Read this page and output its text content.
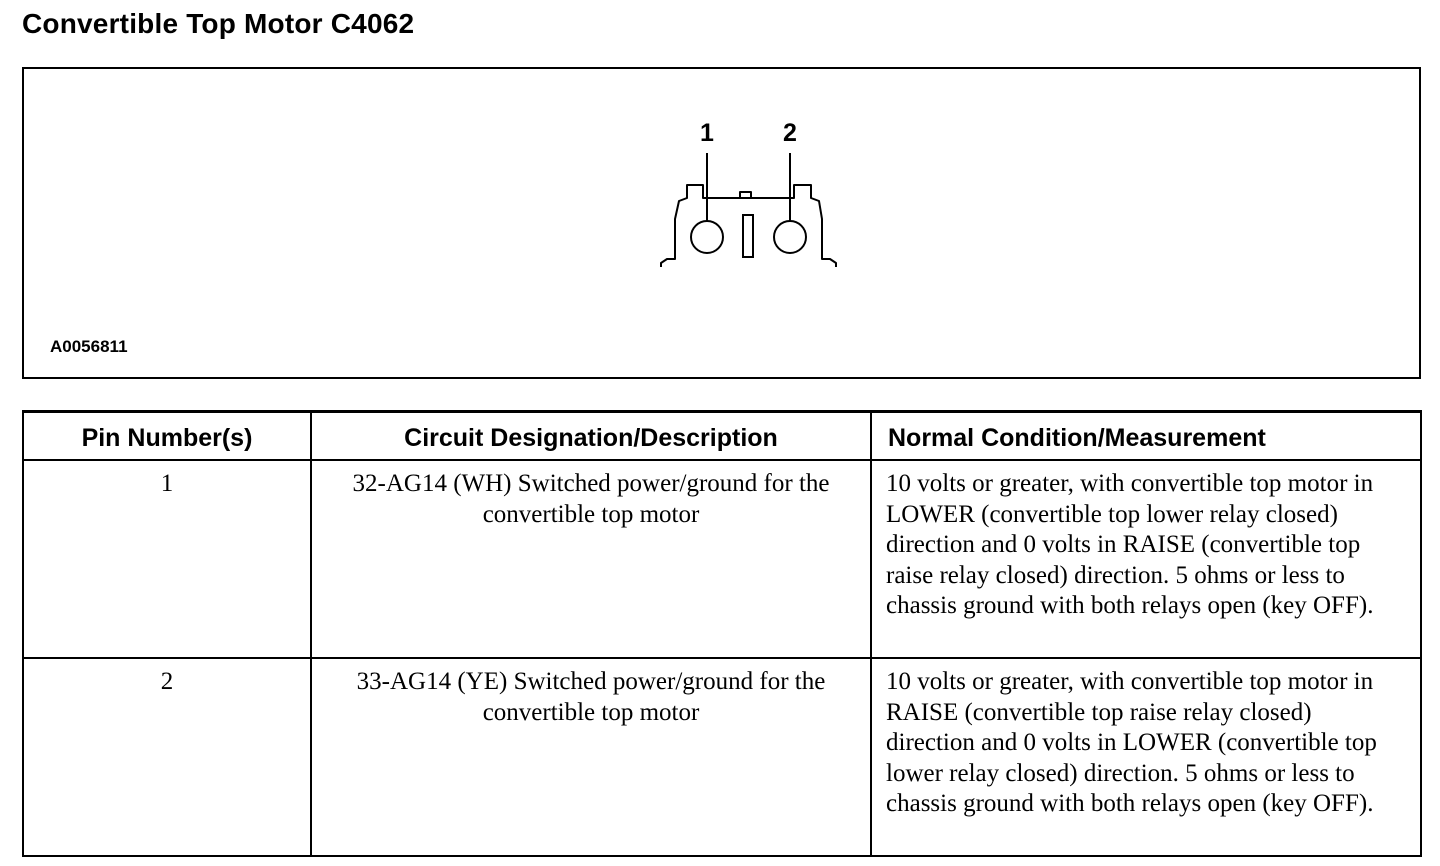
Convertible Top Motor C4062
1	2
A0056811
Pin Number(s)	Circuit Designation/Description	Normal Condition/Measurement
1	32-AG14 (WH) Switched power/ground for the convertible top motor	10 volts or greater, with convertible top motor in LOWER (convertible top lower relay closed) direction and 0 volts in RAISE (convertible top raise relay closed) direction. 5 ohms or less to chassis ground with both relays open (key OFF).
2	33-AG14 (YE) Switched power/ground for the convertible top motor	10 volts or greater, with convertible top motor in RAISE (convertible top raise relay closed) direction and 0 volts in LOWER (convertible top lower relay closed) direction. 5 ohms or less to chassis ground with both relays open (key OFF).
